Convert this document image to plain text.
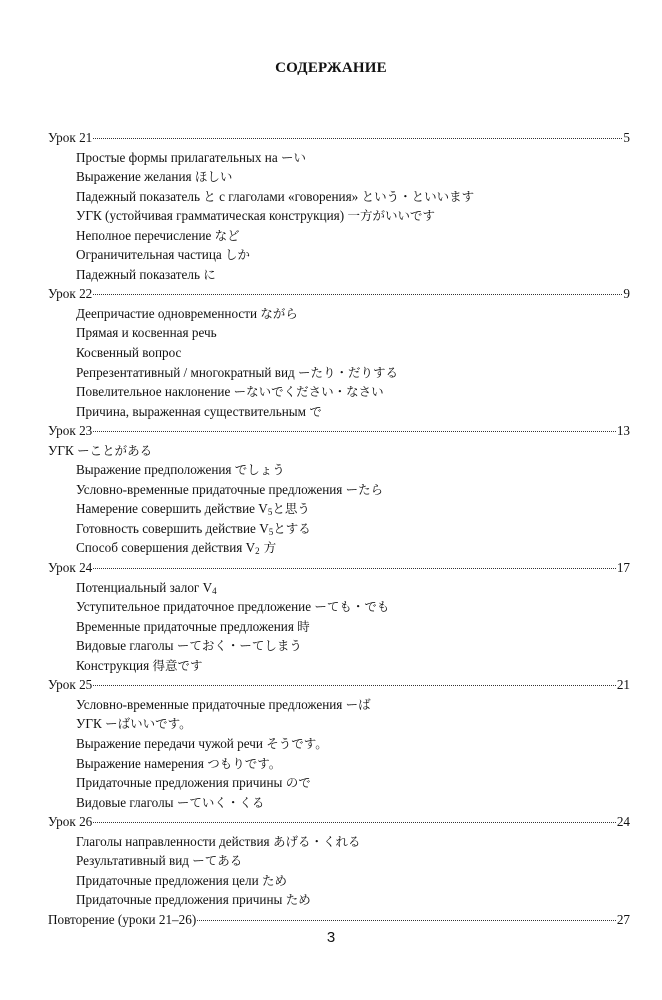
СОДЕРЖАНИЕ
Урок 21	5
Простые формы прилагательных на ーい
Выражение желания ほしい
Падежный показатель と с глаголами «говорения» という・といいます
УГК (устойчивая грамматическая конструкция) 一方がいいです
Неполное перечисление など
Ограничительная частица しか
Падежный показатель に
Урок 22	9
Деепричастие одновременности ながら
Прямая и косвенная речь
Косвенный вопрос
Репрезентативный / многократный вид ーたり・だりする
Повелительное наклонение ーないでください・なさい
Причина, выраженная существительным で
Урок 23	13
УГК ーことがある
Выражение предположения でしょう
Условно-временные придаточные предложения ーたら
Намерение совершить действие V5と思う
Готовность совершить действие V5とする
Способ совершения действия V2 方
Урок 24	17
Потенциальный залог V4
Уступительное придаточное предложение ーても・でも
Временные придаточные предложения 時
Видовые глаголы ーておく・ーてしまう
Конструкция 得意です
Урок 25	21
Условно-временные придаточные предложения ーば
УГК ーばいいです。
Выражение передачи чужой речи そうです。
Выражение намерения つもりです。
Придаточные предложения причины ので
Видовые глаголы ーていく・くる
Урок 26	24
Глаголы направленности действия あげる・くれる
Результативный вид ーてある
Придаточные предложения цели ため
Придаточные предложения причины ため
Повторение (уроки 21–26)	27
3
